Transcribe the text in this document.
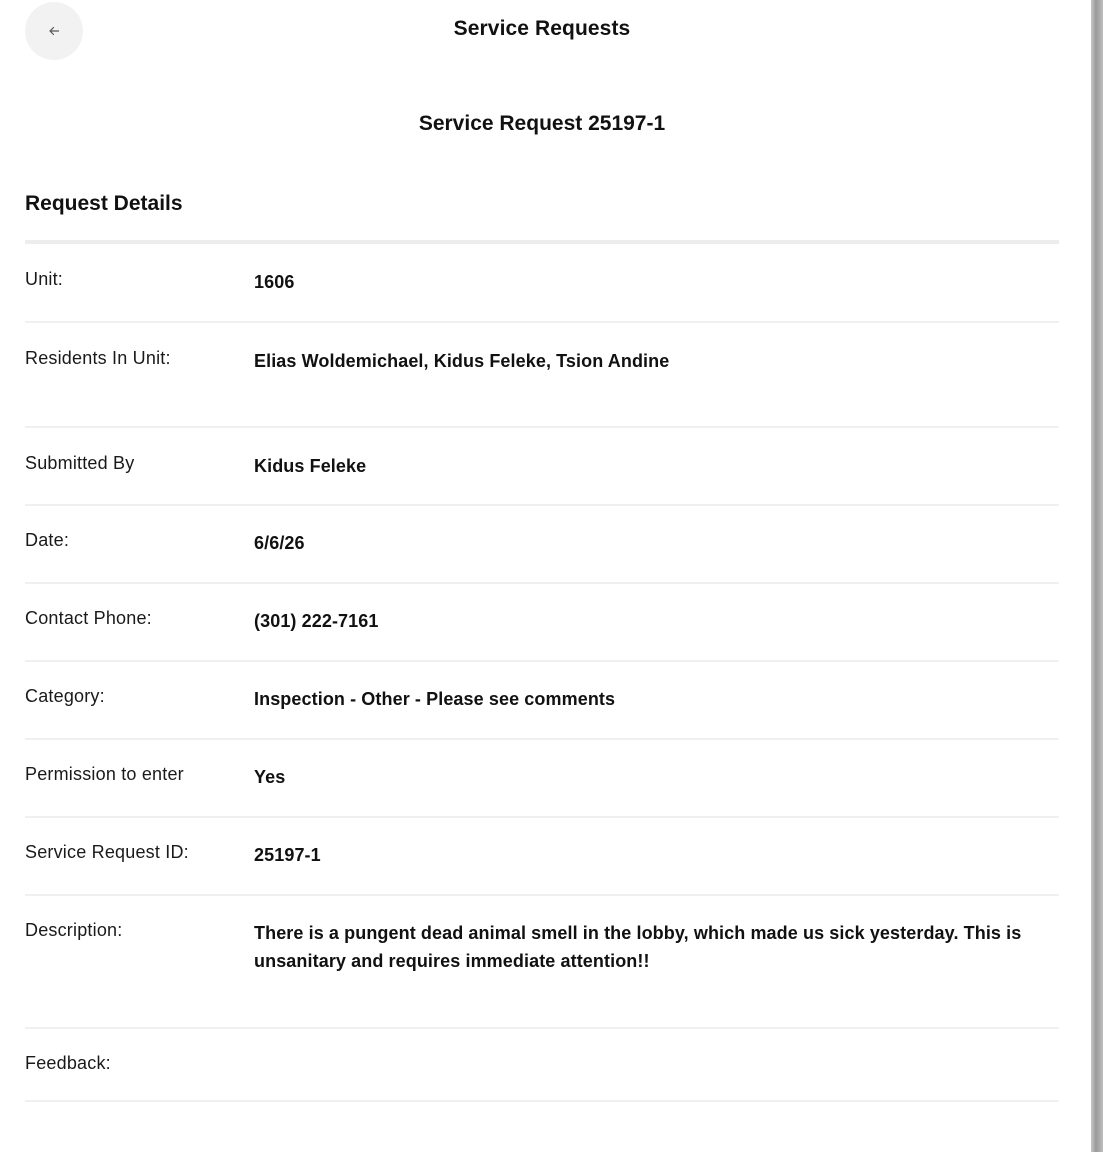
Service Requests
Service Request 25197-1
Request Details
Unit:	1606
Residents In Unit:	Elias Woldemichael, Kidus Feleke, Tsion Andine
Submitted By	Kidus Feleke
Date:	6/6/26
Contact Phone:	(301) 222-7161
Category:	Inspection - Other - Please see comments
Permission to enter	Yes
Service Request ID:	25197-1
Description:	There is a pungent dead animal smell in the lobby, which made us sick yesterday. This is unsanitary and requires immediate attention!!
Feedback:
